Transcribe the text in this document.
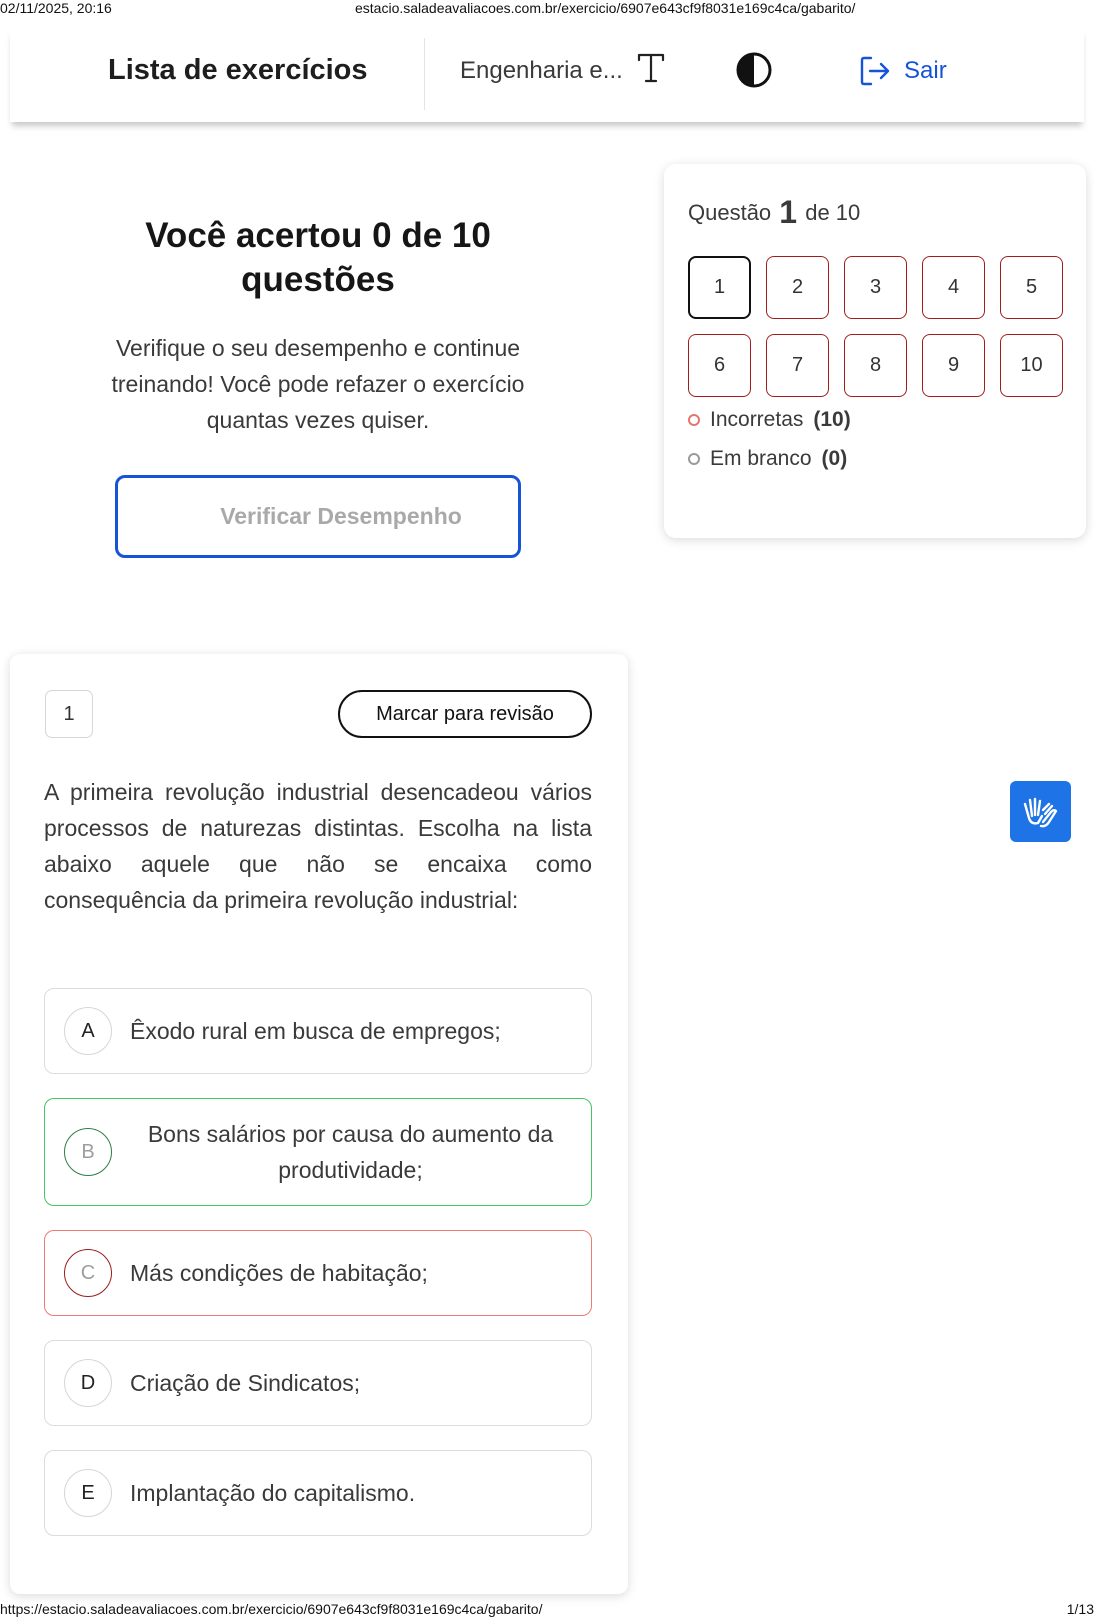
02/11/2025, 20:16	estacio.saladeavaliacoes.com.br/exercicio/6907e643cf9f8031e169c4ca/gabarito/
Lista de exercícios	Engenharia e...	Sair
Você acertou 0 de 10 questões
Verifique o seu desempenho e continue treinando! Você pode refazer o exercício quantas vezes quiser.
Verificar Desempenho
Questão 1 de 10
1	2	3	4	5
6	7	8	9	10
Incorretas (10)
Em branco (0)
1	Marcar para revisão
A primeira revolução industrial desencadeou vários processos de naturezas distintas. Escolha na lista abaixo aquele que não se encaixa como consequência da primeira revolução industrial:
A	Êxodo rural em busca de empregos;
B
Bons salários por causa do aumento da produtividade;
C	Más condições de habitação;
D	Criação de Sindicatos;
E	Implantação do capitalismo.
https://estacio.saladeavaliacoes.com.br/exercicio/6907e643cf9f8031e169c4ca/gabarito/	1/13
